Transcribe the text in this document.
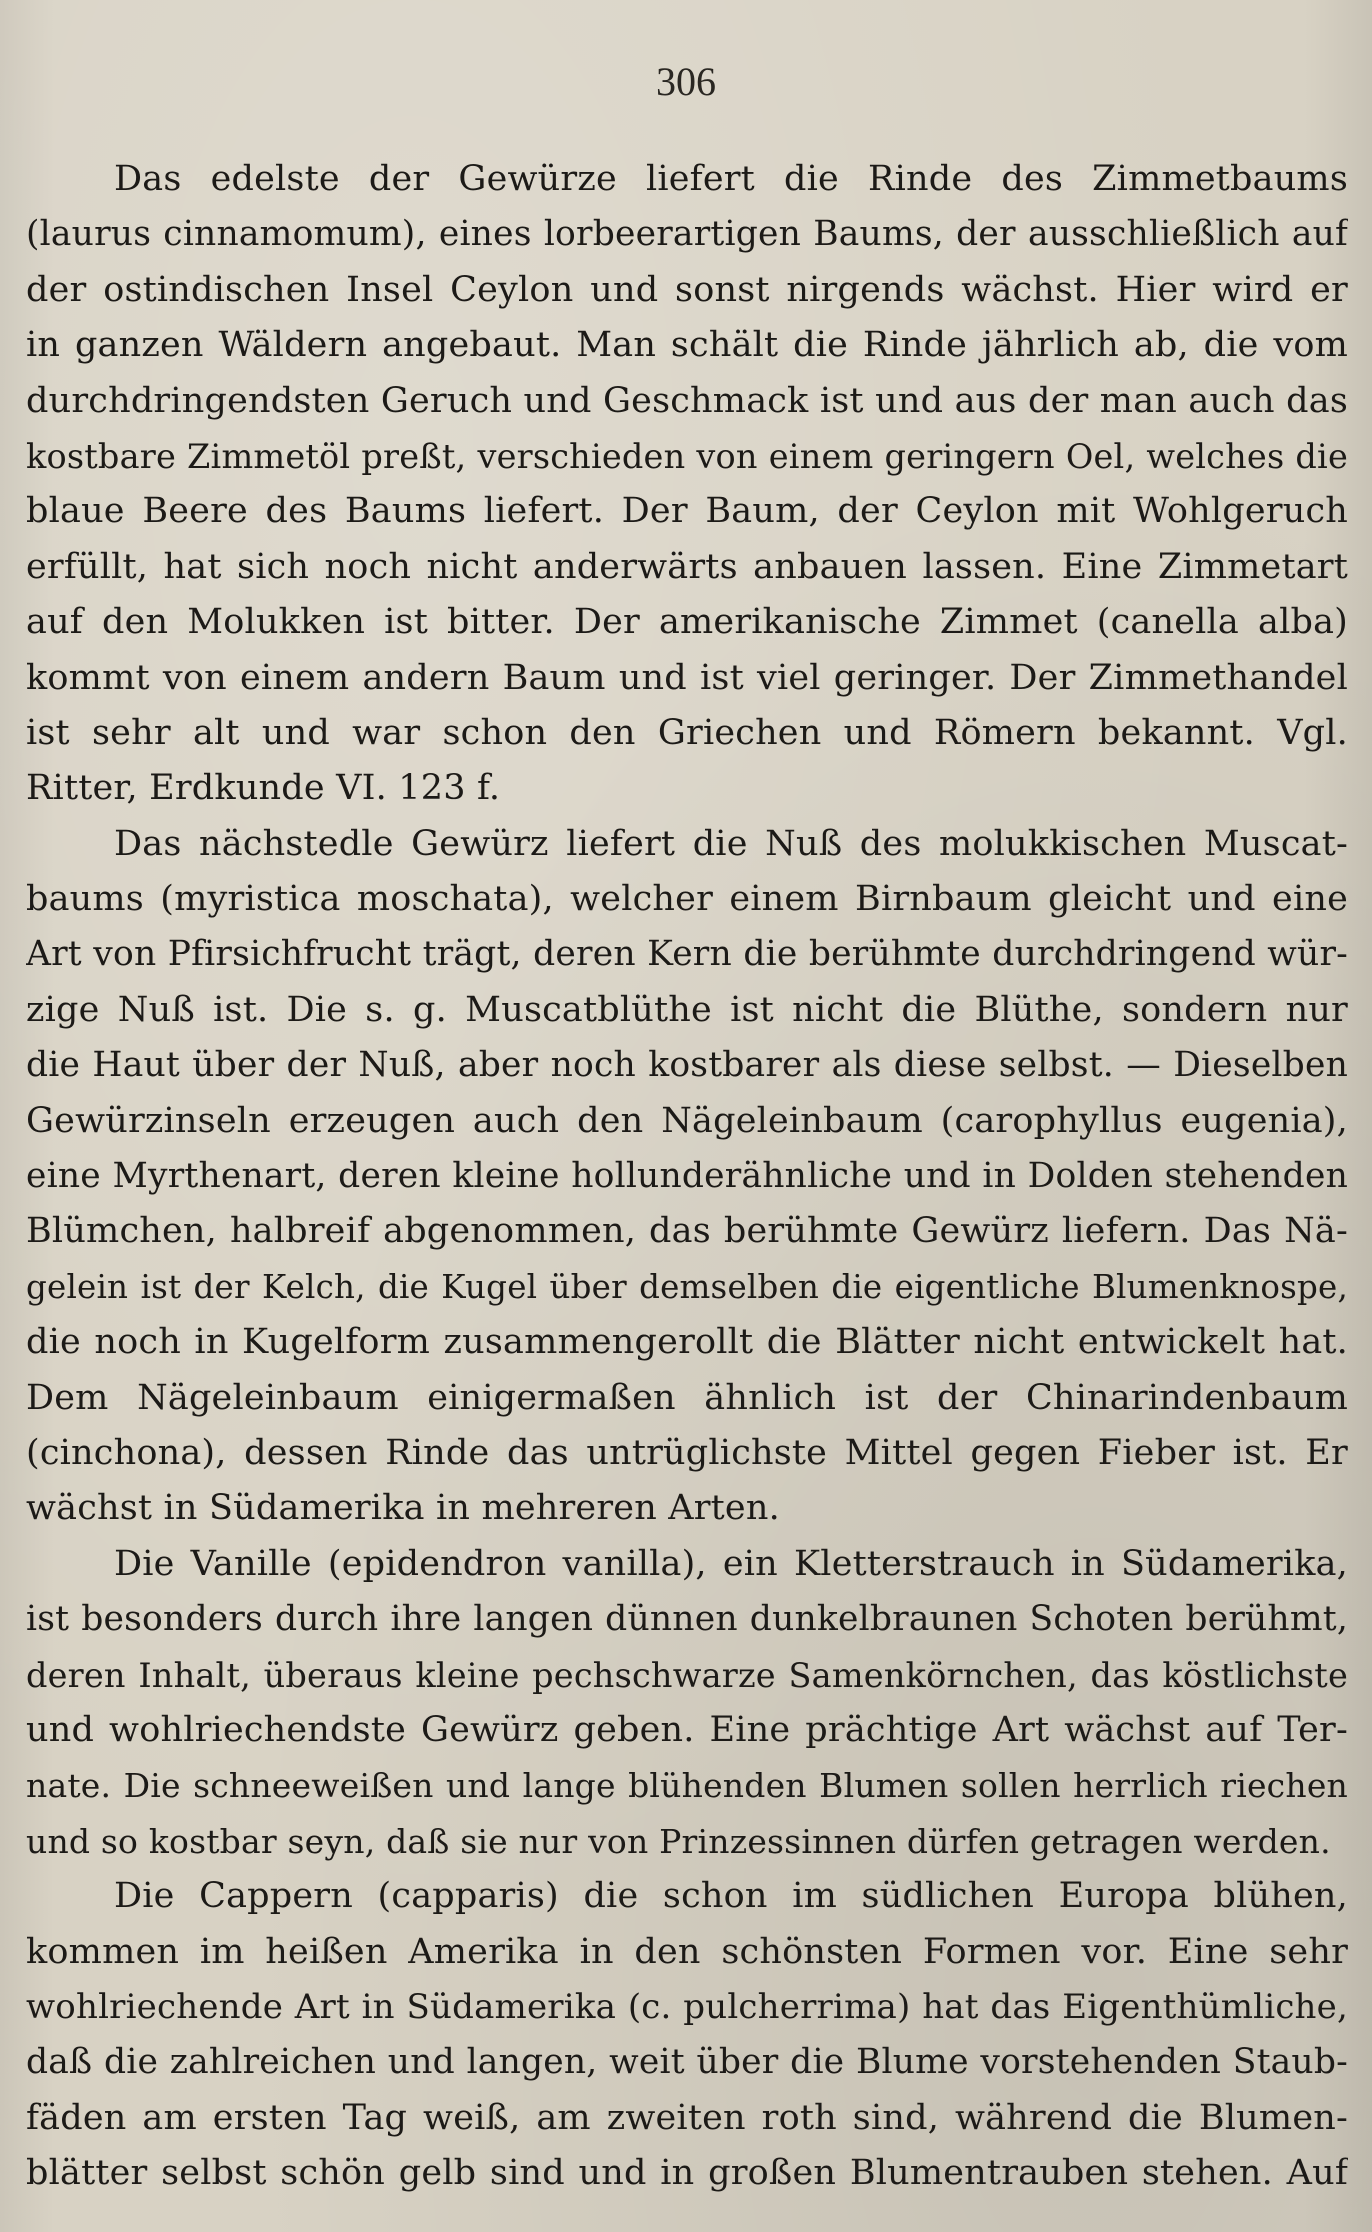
306
Das edelste der Gewürze liefert die Rinde des Zimmetbaums
(laurus cinnamomum), eines lorbeerartigen Baums, der ausschließlich auf
der ostindischen Insel Ceylon und sonst nirgends wächst. Hier wird er
in ganzen Wäldern angebaut. Man schält die Rinde jährlich ab, die vom
durchdringendsten Geruch und Geschmack ist und aus der man auch das
kostbare Zimmetöl preßt, verschieden von einem geringern Oel, welches die
blaue Beere des Baums liefert. Der Baum, der Ceylon mit Wohlgeruch
erfüllt, hat sich noch nicht anderwärts anbauen lassen. Eine Zimmetart
auf den Molukken ist bitter. Der amerikanische Zimmet (canella alba)
kommt von einem andern Baum und ist viel geringer. Der Zimmethandel
ist sehr alt und war schon den Griechen und Römern bekannt. Vgl.
Ritter, Erdkunde VI. 123 f.
Das nächstedle Gewürz liefert die Nuß des molukkischen Muscat-
baums (myristica moschata), welcher einem Birnbaum gleicht und eine
Art von Pfirsichfrucht trägt, deren Kern die berühmte durchdringend wür-
zige Nuß ist. Die s. g. Muscatblüthe ist nicht die Blüthe, sondern nur
die Haut über der Nuß, aber noch kostbarer als diese selbst. — Dieselben
Gewürzinseln erzeugen auch den Nägeleinbaum (carophyllus eugenia),
eine Myrthenart, deren kleine hollunderähnliche und in Dolden stehenden
Blümchen, halbreif abgenommen, das berühmte Gewürz liefern. Das Nä-
gelein ist der Kelch, die Kugel über demselben die eigentliche Blumenknospe,
die noch in Kugelform zusammengerollt die Blätter nicht entwickelt hat.
Dem Nägeleinbaum einigermaßen ähnlich ist der Chinarindenbaum
(cinchona), dessen Rinde das untrüglichste Mittel gegen Fieber ist. Er
wächst in Südamerika in mehreren Arten.
Die Vanille (epidendron vanilla), ein Kletterstrauch in Südamerika,
ist besonders durch ihre langen dünnen dunkelbraunen Schoten berühmt,
deren Inhalt, überaus kleine pechschwarze Samenkörnchen, das köstlichste
und wohlriechendste Gewürz geben. Eine prächtige Art wächst auf Ter-
nate. Die schneeweißen und lange blühenden Blumen sollen herrlich riechen
und so kostbar seyn, daß sie nur von Prinzessinnen dürfen getragen werden.
Die Cappern (capparis) die schon im südlichen Europa blühen,
kommen im heißen Amerika in den schönsten Formen vor. Eine sehr
wohlriechende Art in Südamerika (c. pulcherrima) hat das Eigenthümliche,
daß die zahlreichen und langen, weit über die Blume vorstehenden Staub-
fäden am ersten Tag weiß, am zweiten roth sind, während die Blumen-
blätter selbst schön gelb sind und in großen Blumentrauben stehen. Auf
